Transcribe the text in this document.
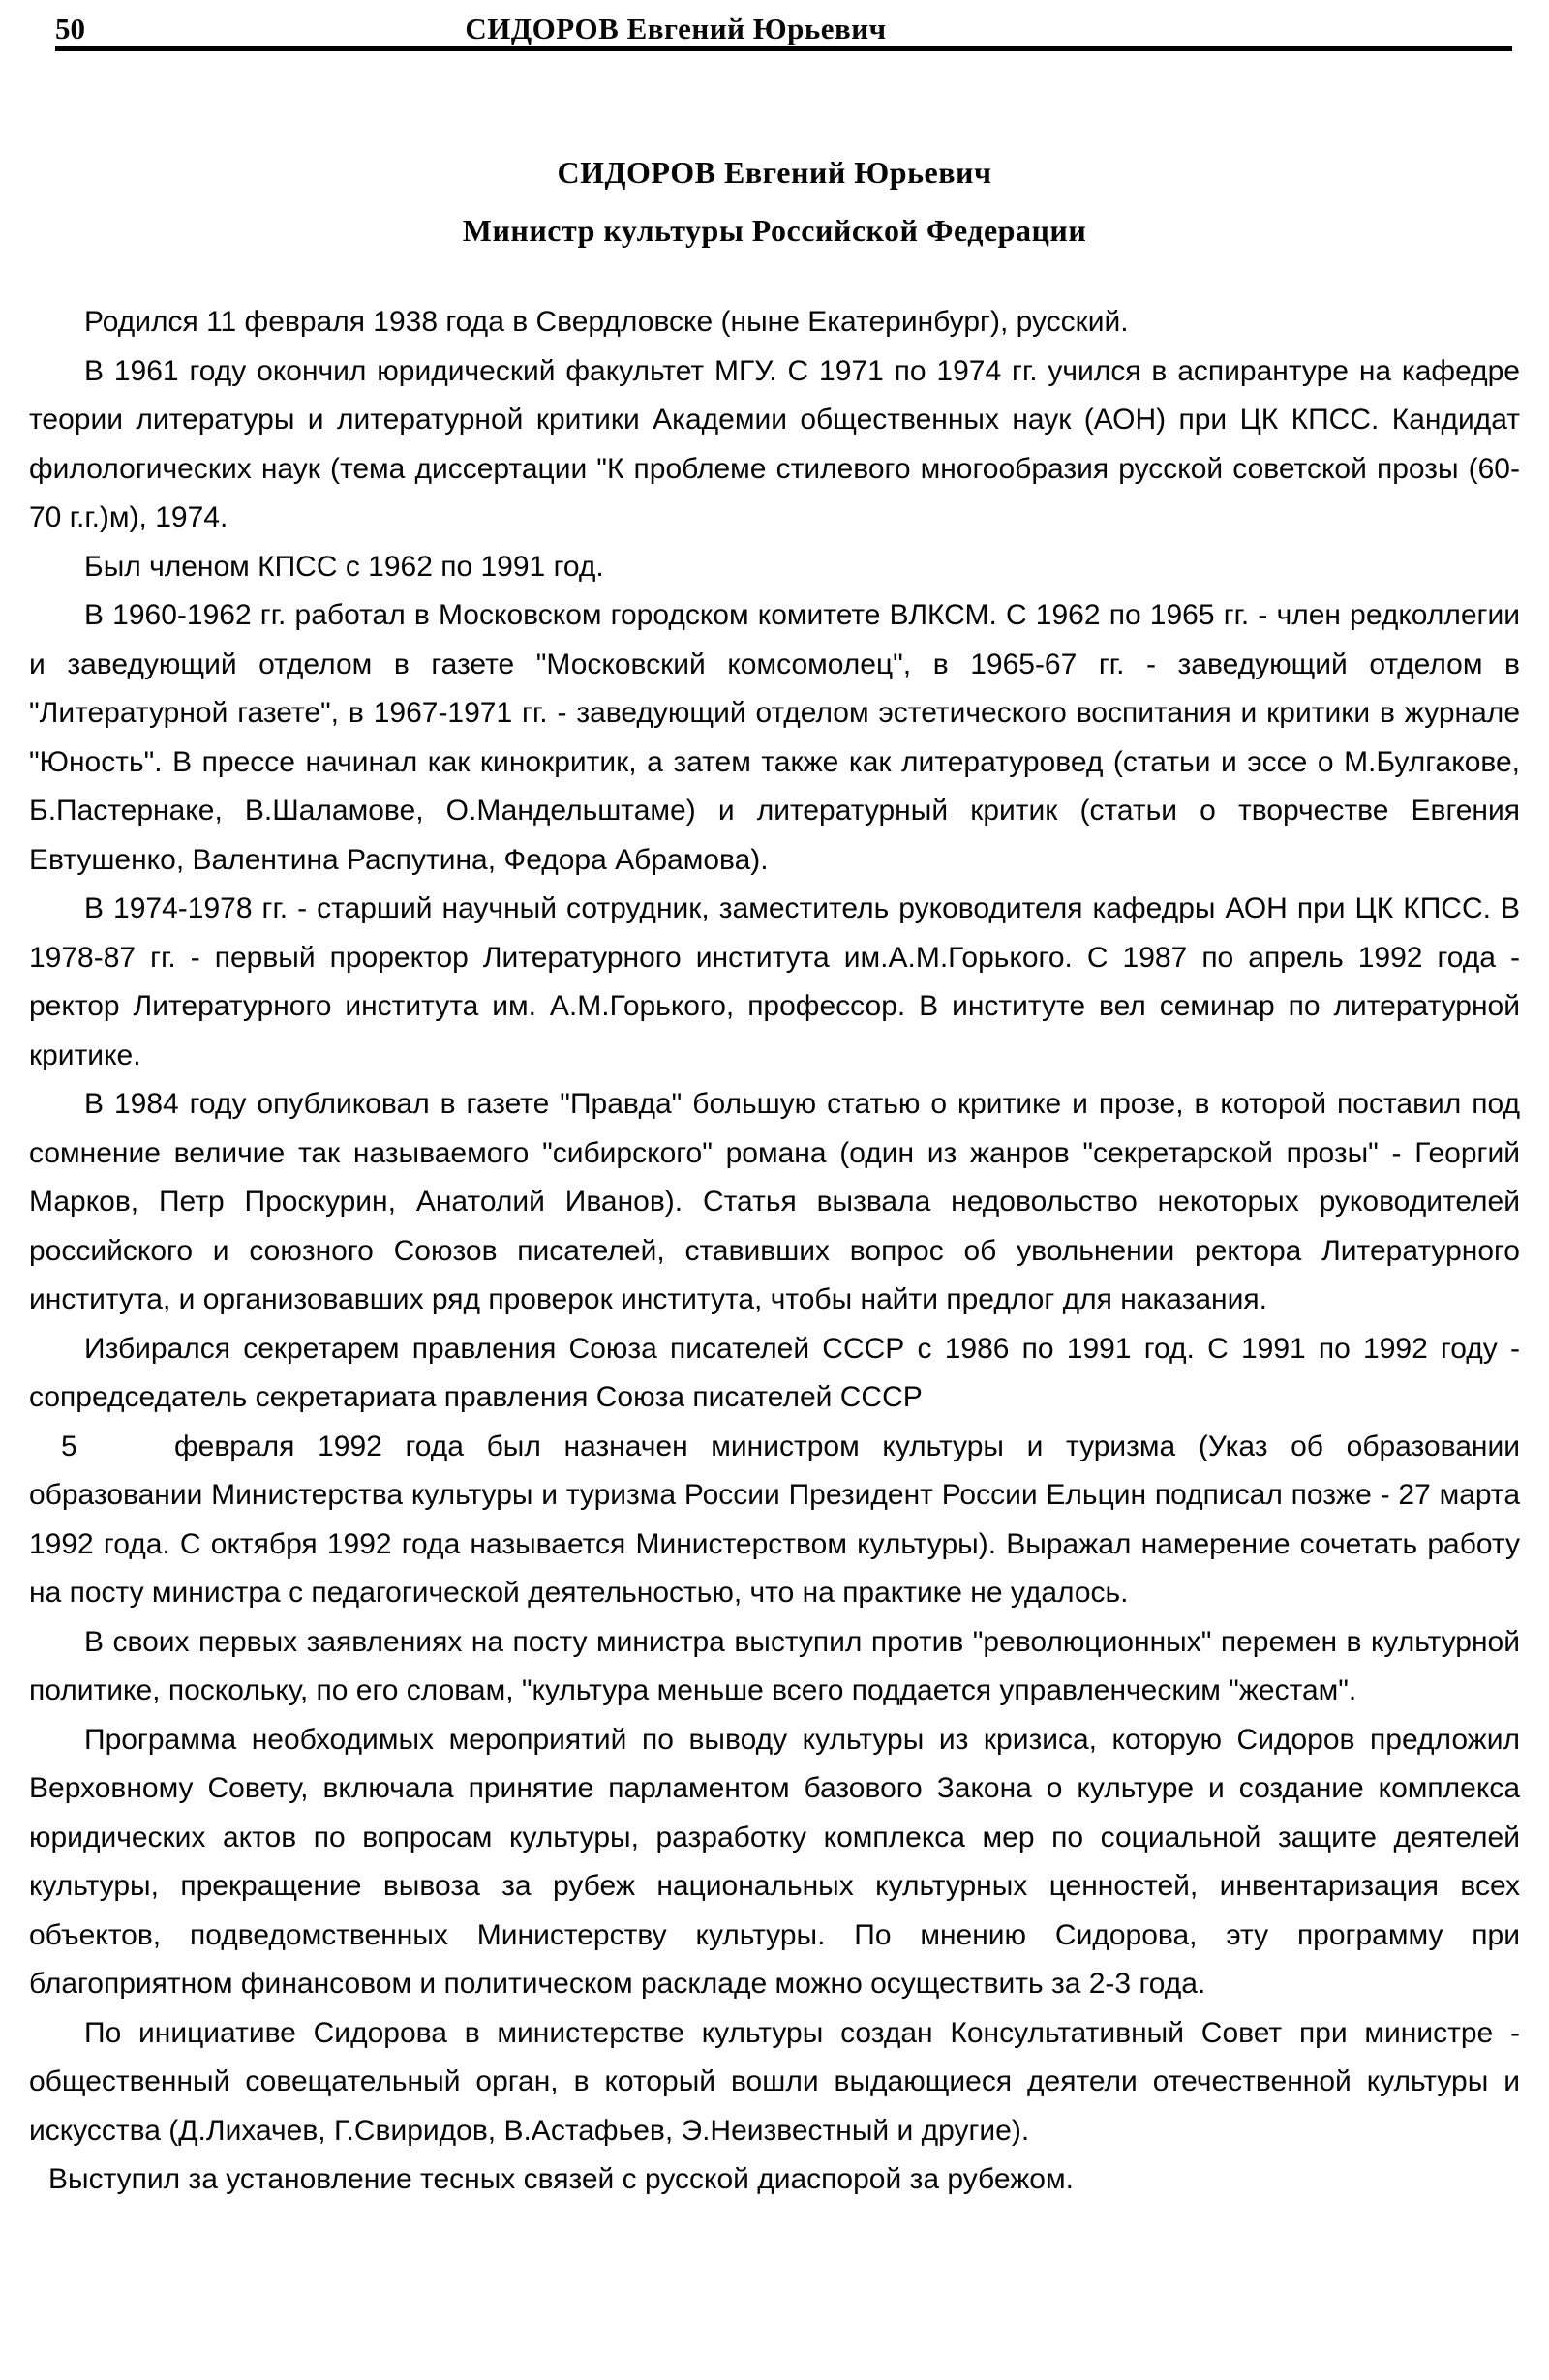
50	СИДОРОВ Евгений Юрьевич
СИДОРОВ Евгений Юрьевич
Министр культуры Российской Федерации

Родился 11 февраля 1938 года в Свердловске (ныне Екатеринбург), русский.

В 1961 году окончил юридический факультет МГУ. С 1971 по 1974 гг. учился в аспирантуре на кафедре теории литературы и литературной критики Академии общественных наук (АОН) при ЦК КПСС. Кандидат филологических наук (тема диссертации "К проблеме стилевого многообразия русской советской прозы (60-70 г.г.)м), 1974.

Был членом КПСС с 1962 по 1991 год.

В 1960-1962 гг. работал в Московском городском комитете ВЛКСМ. С 1962 по 1965 гг. - член редколлегии и заведующий отделом в газете "Московский комсомолец", в 1965-67 гг. - заведующий отделом в "Литературной газете", в 1967-1971 гг. - заведующий отделом эстетического воспитания и критики в журнале "Юность". В прессе начинал как кинокритик, а затем также как литературовед (статьи и эссе о М.Булгакове, Б.Пастернаке, В.Шаламове, О.Мандельштаме) и литературный критик (статьи о творчестве Евгения Евтушенко, Валентина Распутина, Федора Абрамова).

В 1974-1978 гг. - старший научный сотрудник, заместитель руководителя кафедры АОН при ЦК КПСС. В 1978-87 гг. - первый проректор Литературного института им.А.М.Горького. С 1987 по апрель 1992 года - ректор Литературного института им. А.М.Горького, профессор. В институте вел семинар по литературной критике.

В 1984 году опубликовал в газете "Правда" большую статью о критике и прозе, в которой поставил под сомнение величие так называемого "сибирского" романа (один из жанров "секретарской прозы" - Георгий Марков, Петр Проскурин, Анатолий Иванов). Статья вызвала недовольство некоторых руководителей российского и союзного Союзов писателей, ставивших вопрос об увольнении ректора Литературного института, и организовавших ряд проверок института, чтобы найти предлог для наказания.

Избирался секретарем правления Союза писателей СССР с 1986 по 1991 год. С 1991 по 1992 году - сопредседатель секретариата правления Союза писателей СССР

5	февраля 1992 года был назначен министром культуры и туризма (Указ об образовании образовании Министерства культуры и туризма России Президент России Ельцин подписал позже - 27 марта 1992 года. С октября 1992 года называется Министерством культуры). Выражал намерение сочетать работу на посту министра с педагогической деятельностью, что на практике не удалось.

В своих первых заявлениях на посту министра выступил против "революционных" перемен в культурной политике, поскольку, по его словам, "культура меньше всего поддается управленческим "жестам".

Программа необходимых мероприятий по выводу культуры из кризиса, которую Сидоров предложил Верховному Совету, включала принятие парламентом базового Закона о культуре и создание комплекса юридических актов по вопросам культуры, разработку комплекса мер по социальной защите деятелей культуры, прекращение вывоза за рубеж национальных культурных ценностей, инвентаризация всех объектов, подведомственных Министерству культуры. По мнению Сидорова, эту программу при благоприятном финансовом и политическом раскладе можно осуществить за 2-3 года.

По инициативе Сидорова в министерстве культуры создан Консультативный Совет при министре - общественный совещательный орган, в который вошли выдающиеся деятели отечественной культуры и искусства (Д.Лихачев, Г.Свиридов, В.Астафьев, Э.Неизвестный и другие).

Выступил за установление тесных связей с русской диаспорой за рубежом.
